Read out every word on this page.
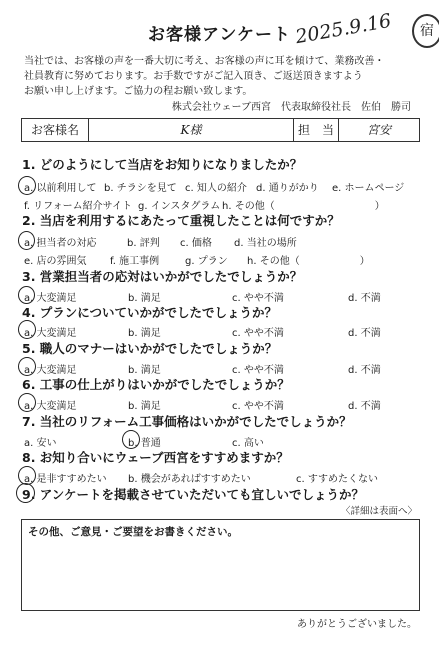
お客様アンケート 2025.9.16	宿
当社では、お客様の声を一番大切に考え、お客様の声に耳を傾けて、業務改善・
社員教育に努めております。お手数ですがご記入頂き、ご返送頂きますよう
お願い申し上げます。ご協力の程お願い致します。
株式会社ウェーブ西宮　代表取締役社長　佐伯　勝司
お客様名	K様	担　当	宮安
1. どのようにして当店をお知りになりましたか？
a. 以前利用して b. チラシを見て c. 知人の紹介 d. 通りがかり e. ホームページ
f. リフォーム紹介サイト g. インスタグラム h. その他（　　　　　　　　　　）
2. 当店を利用するにあたって重視したことは何ですか？
a. 担当者の対応	b. 評判 c. 価格 d. 当社の場所
e. 店の雰囲気 f. 施工事例	g. プラン h. その他（　　　　　　）
3. 営業担当者の応対はいかがでしたでしょうか？
a. 大変満足	b. 満足	c. やや不満	d. 不満
4. プランについていかがでしたでしょうか？
a. 大変満足	b. 満足	c. やや不満	d. 不満
5. 職人のマナーはいかがでしたでしょうか？
a. 大変満足	b. 満足	c. やや不満	d. 不満
6. 工事の仕上がりはいかがでしたでしょうか？
a. 大変満足	b. 満足	c. やや不満	d. 不満
7. 当社のリフォーム工事価格はいかがでしたでしょうか？
a. 安い	b. 普通	c. 高い
8. お知り合いにウェーブ西宮をすすめますか？
a. 是非すすめたい b. 機会があればすすめたい	c. すすめたくない
9. アンケートを掲載させていただいても宜しいでしょうか？
〈詳細は表面へ〉
その他、ご意見・ご要望をお書きください。
ありがとうございました。
